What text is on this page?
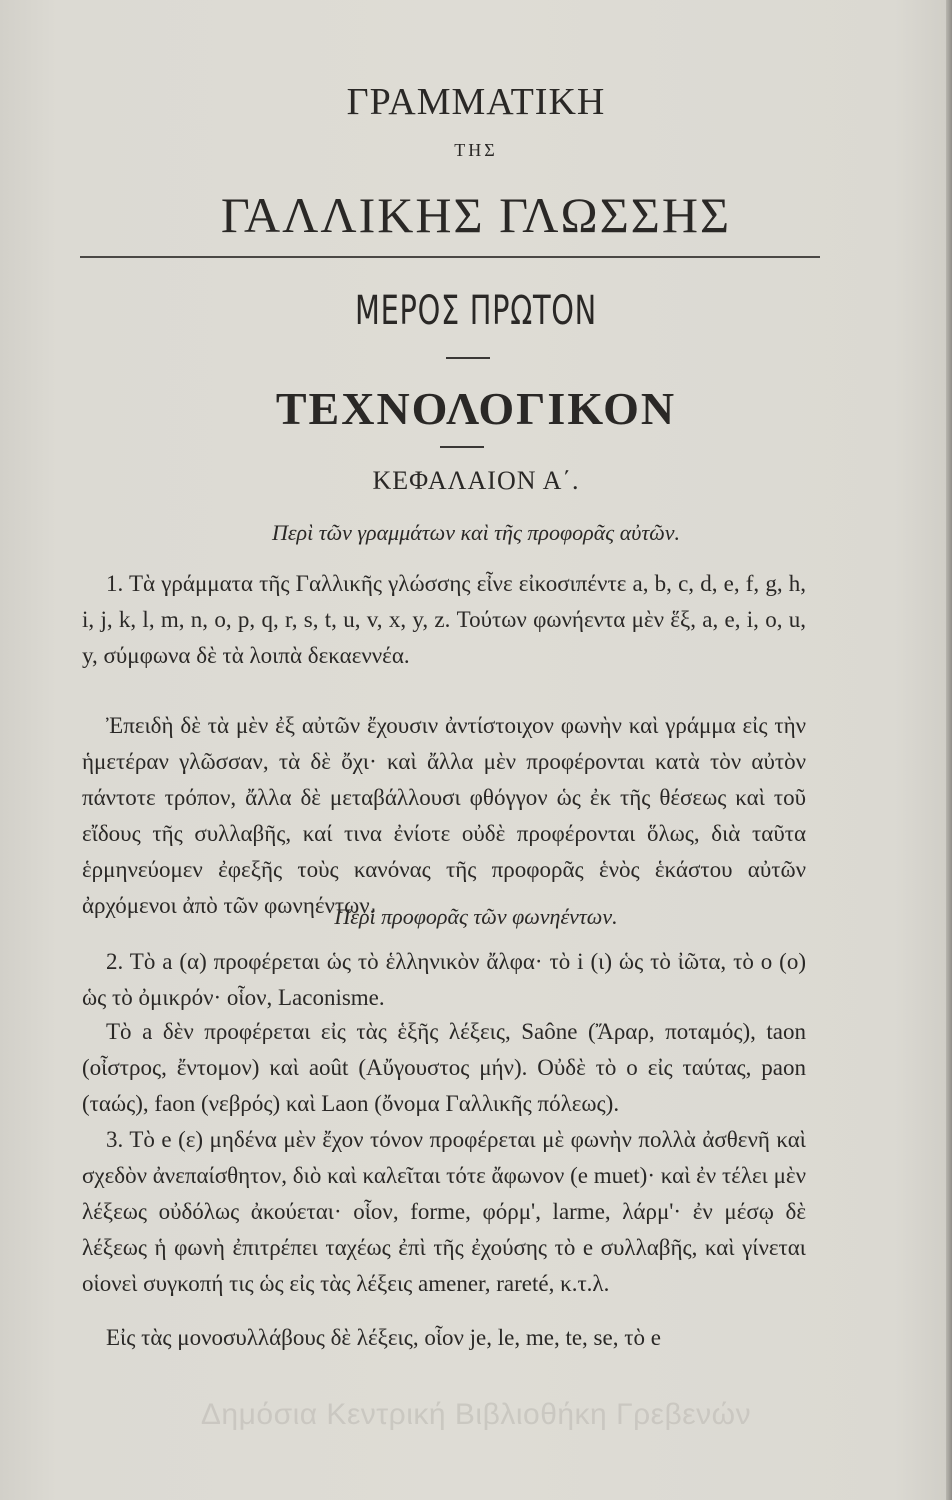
ΓΡΑΜΜΑΤΙΚΗ
ΤΗΣ
ΓΑΛΛΙΚΗΣ ΓΛΩΣΣΗΣ
ΜΕΡΟΣ ΠΡΩΤΟΝ
ΤΕΧΝΟΛΟΓΙΚΟΝ
ΚΕΦΑΛΑΙΟΝ Α΄.
Περὶ τῶν γραμμάτων καὶ τῆς προφορᾶς αὐτῶν.
1. Τὰ γράμματα τῆς Γαλλικῆς γλώσσης εἶνε εἰκοσιπέντε a, b, c, d, e, f, g, h, i, j, k, l, m, n, o, p, q, r, s, t, u, v, x, y, z. Τούτων φωνήεντα μὲν ἕξ, a, e, i, o, u, y, σύμφωνα δὲ τὰ λοιπὰ δεκαεννέα.
Ἐπειδὴ δὲ τὰ μὲν ἐξ αὐτῶν ἔχουσιν ἀντίστοιχον φωνὴν καὶ γράμμα εἰς τὴν ἡμετέραν γλῶσσαν, τὰ δὲ ὄχι· καὶ ἄλλα μὲν προφέρονται κατὰ τὸν αὐτὸν πάντοτε τρόπον, ἄλλα δὲ μεταβάλλουσι φθόγγον ὡς ἐκ τῆς θέσεως καὶ τοῦ εἴδους τῆς συλλαβῆς, καί τινα ἐνίοτε οὐδὲ προφέρονται ὅλως, διὰ ταῦτα ἑρμηνεύομεν ἐφεξῆς τοὺς κανόνας τῆς προφορᾶς ἑνὸς ἑκάστου αὐτῶν ἀρχόμενοι ἀπὸ τῶν φωνηέντων.
Περὶ προφορᾶς τῶν φωνηέντων.
2. Τὸ a (α) προφέρεται ὡς τὸ ἑλληνικὸν ἄλφα· τὸ i (ι) ὡς τὸ ἰῶτα, τὸ o (ο) ὡς τὸ ὀμικρόν· οἷον, Laconisme.
Τὸ a δὲν προφέρεται εἰς τὰς ἑξῆς λέξεις, Saône (Ἄραρ, ποταμός), taon (οἶστρος, ἔντομον) καὶ août (Αὔγουστος μήν). Οὐδὲ τὸ o εἰς ταύτας, paon (ταώς), faon (νεβρός) καὶ Laon (ὄνομα Γαλλικῆς πόλεως).
3. Τὸ e (ε) μηδένα μὲν ἔχον τόνον προφέρεται μὲ φωνὴν πολλὰ ἀσθενῆ καὶ σχεδὸν ἀνεπαίσθητον, διὸ καὶ καλεῖται τότε ἄφωνον (e muet)· καὶ ἐν τέλει μὲν λέξεως οὐδόλως ἀκούεται· οἷον, forme, φόρμ', larme, λάρμ'· ἐν μέσῳ δὲ λέξεως ἡ φωνὴ ἐπιτρέπει ταχέως ἐπὶ τῆς ἐχούσης τὸ e συλλαβῆς, καὶ γίνεται οἱονεὶ συγκοπή τις ὡς εἰς τὰς λέξεις amener, rareté, κ.τ.λ.
Εἰς τὰς μονοσυλλάβους δὲ λέξεις, οἷον je, le, me, te, se, τὸ e
Δημόσια Κεντρική Βιβλιοθήκη Γρεβενών
